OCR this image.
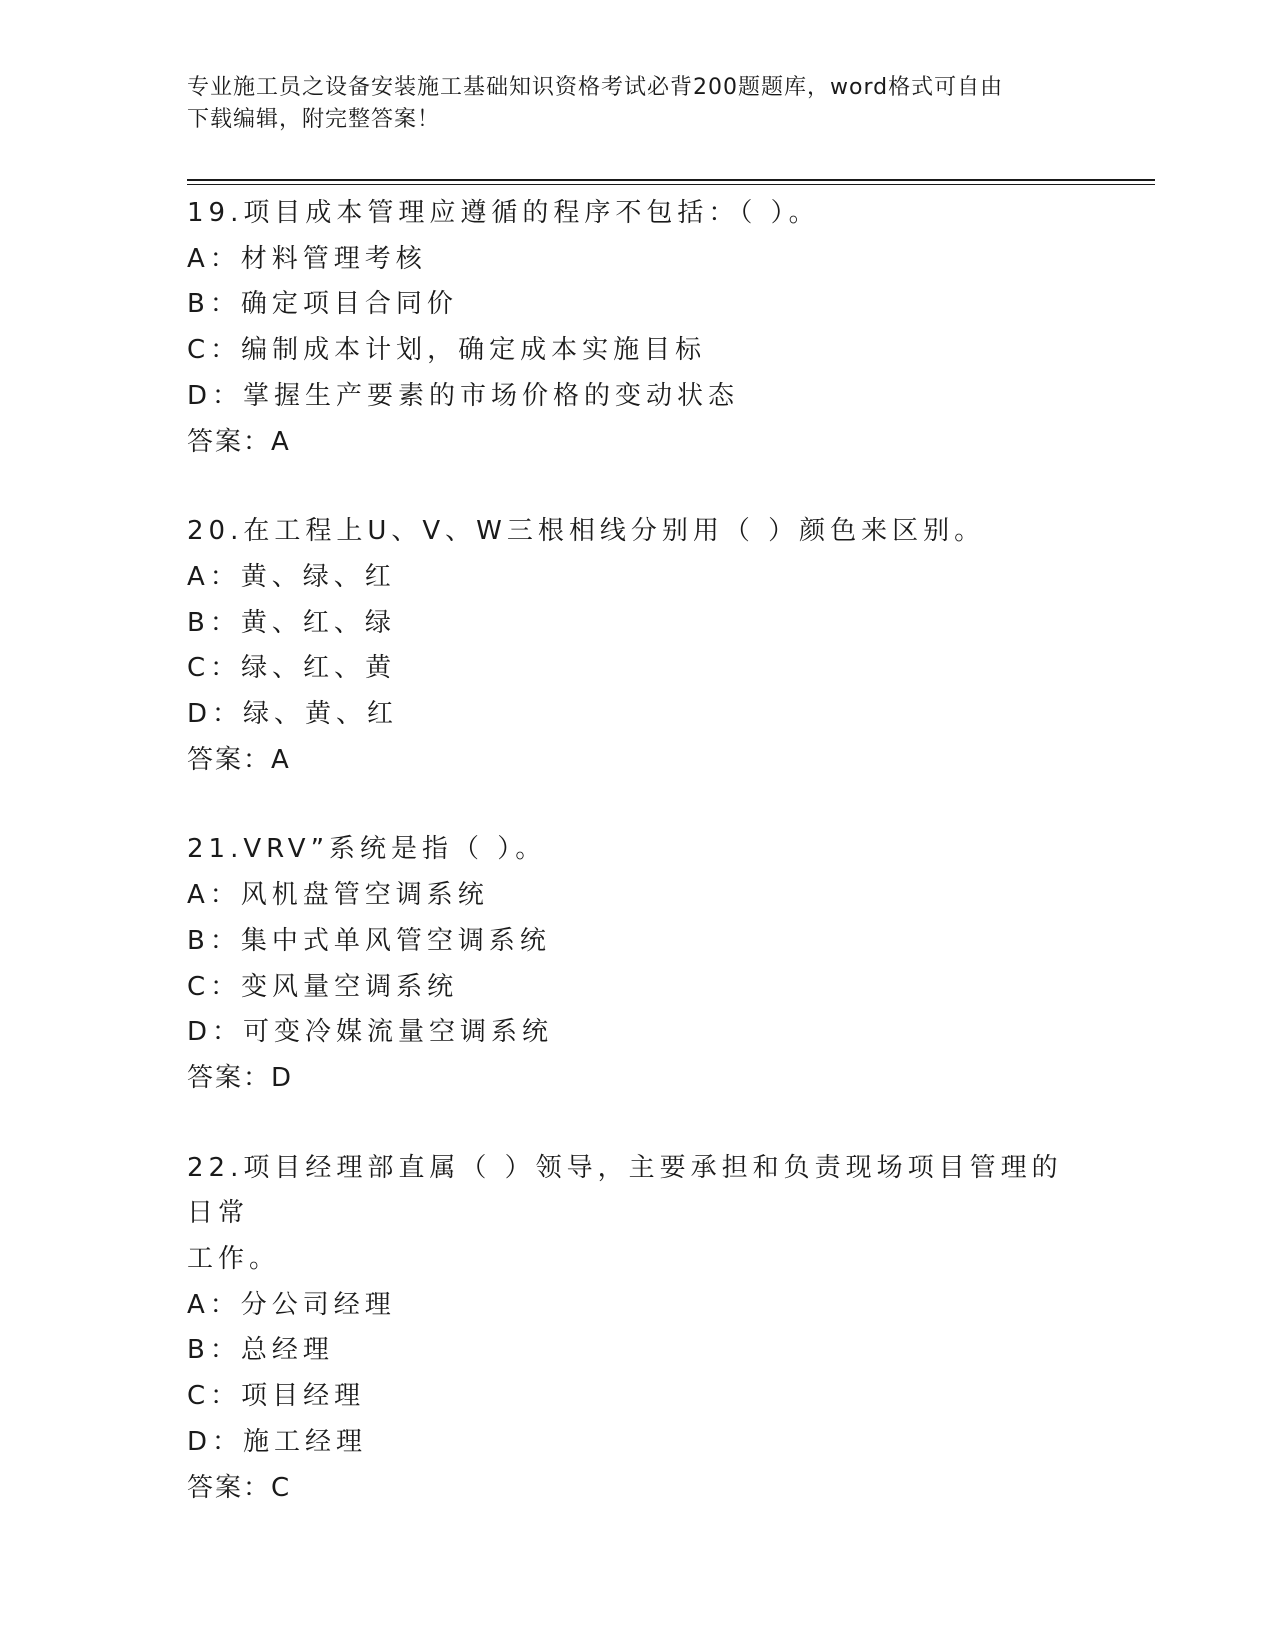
专业施工员之设备安装施工基础知识资格考试必背200题题库，word格式可自由
下载编辑，附完整答案！
19.项目成本管理应遵循的程序不包括：（ ）。
A：材料管理考核
B：确定项目合同价
C：编制成本计划，确定成本实施目标
D：掌握生产要素的市场价格的变动状态
答案：A
20.在工程上U、V、W三根相线分别用（ ）颜色来区别。
A：黄、绿、红
B：黄、红、绿
C：绿、红、黄
D：绿、黄、红
答案：A
21.VRV”系统是指（ ）。
A：风机盘管空调系统
B：集中式单风管空调系统
C：变风量空调系统
D：可变冷媒流量空调系统
答案：D
22.项目经理部直属（ ）领导，主要承担和负责现场项目管理的日常
工作。
A：分公司经理
B：总经理
C：项目经理
D：施工经理
答案：C
